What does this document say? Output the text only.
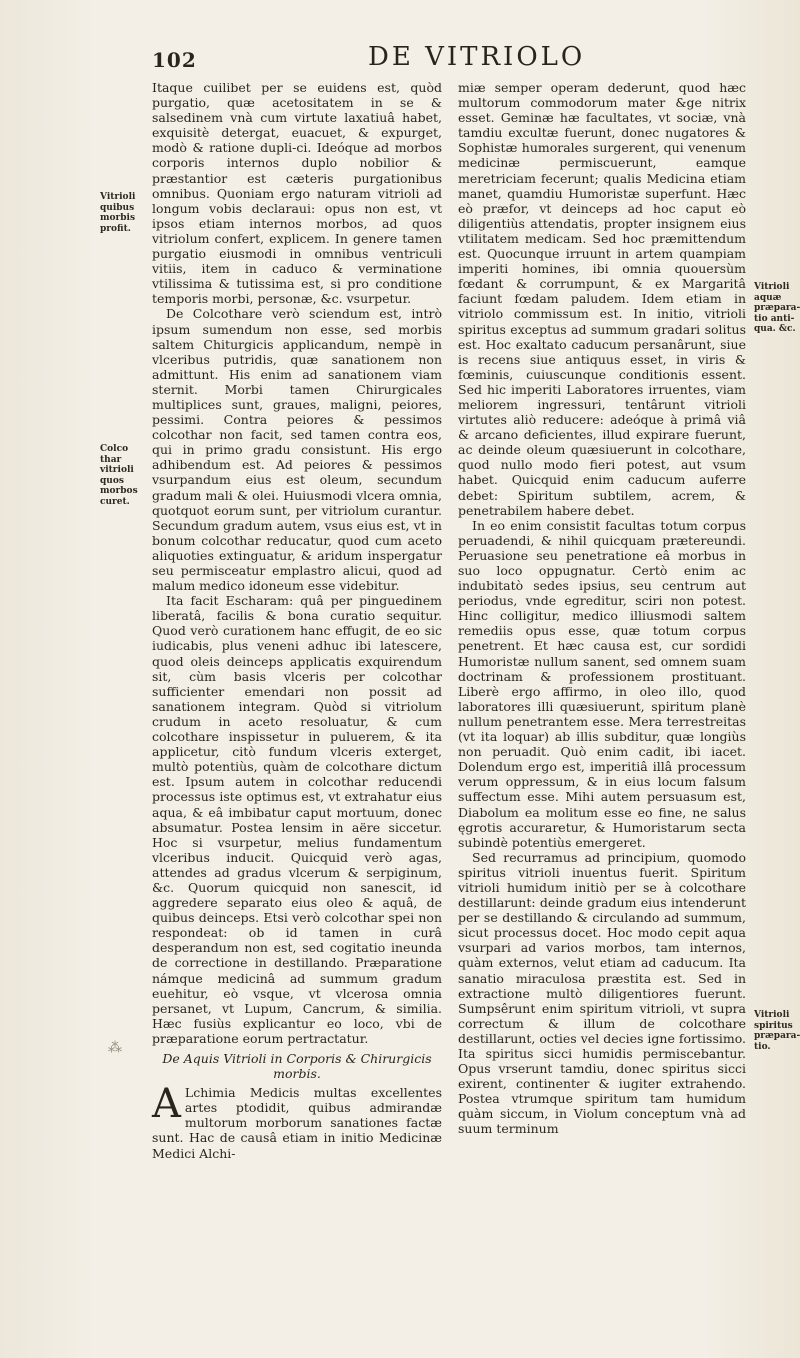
102	DE VITRIOLO
Vitrioli quibus morbis profit.
Colco thar vitrioli quos morbos curet.
Vitrioli aquæ præpara- tio anti- qua. &c.
Vitrioli spiritus præpara- tio.
⁂

Itaque cuilibet per se euidens est, quòd purgatio, quæ acetositatem in se & salsedinem vnà cum virtute laxatiuâ habet, exquisitè detergat, euacuet, & expurget, modò & ratione dupli-ci. Ideóque ad morbos corporis internos duplo nobilior & præstantior est cæteris purgationibus omnibus. Quoniam ergo naturam vitrioli ad longum vobis declaraui: opus non est, vt ipsos etiam internos morbos, ad quos vitriolum confert, explicem. In genere tamen purgatio eiusmodi in omnibus ventriculi vitiis, item in caduco & verminatione vtilissima & tutissima est, si pro conditione temporis morbi, personæ, &c. vsurpetur.

De Colcothare verò sciendum est, intrò ipsum sumendum non esse, sed morbis saltem Chiturgicis applicandum, nempè in vlceribus putridis, quæ sanationem non admittunt. His enim ad sanationem viam sternit. Morbi tamen Chirurgicales multiplices sunt, graues, maligni, peiores, pessimi. Contra peiores & pessimos colcothar non facit, sed tamen contra eos, qui in primo gradu consistunt. His ergo adhibendum est. Ad peiores & pessimos vsurpandum eius est oleum, secundum gradum mali & olei. Huiusmodi vlcera omnia, quotquot eorum sunt, per vitriolum curantur. Secundum gradum autem, vsus eius est, vt in bonum colcothar reducatur, quod cum aceto aliquoties extinguatur, & aridum inspergatur seu permisceatur emplastro alicui, quod ad malum medico idoneum esse videbitur.

Ita facit Escharam: quâ per pinguedinem liberatâ, facilis & bona curatio sequitur. Quod verò curationem hanc effugit, de eo sic iudicabis, plus veneni adhuc ibi latescere, quod oleis deinceps applicatis exquirendum sit, cùm basis vlceris per colcothar sufficienter emendari non possit ad sanationem integram. Quòd si vitriolum crudum in aceto resoluatur, & cum colcothare inspissetur in puluerem, & ita applicetur, citò fundum vlceris exterget, multò potentiùs, quàm de colcothare dictum est. Ipsum autem in colcothar reducendi processus iste optimus est, vt extrahatur eius aqua, & eâ imbibatur caput mortuum, donec absumatur. Postea lensim in aëre siccetur. Hoc si vsurpetur, melius fundamentum vlceribus inducit. Quicquid verò agas, attendes ad gradus vlcerum & serpiginum, &c. Quorum quicquid non sanescit, id aggredere separato eius oleo & aquâ, de quibus deinceps. Etsi verò colcothar spei non respondeat: ob id tamen in curâ desperandum non est, sed cogitatio ineunda de correctione in destillando. Præparatione námque medicinâ ad summum gradum euehitur, eò vsque, vt vlcerosa omnia persanet, vt Lupum, Cancrum, & similia. Hæc fusiùs explicantur eo loco, vbi de præparatione eorum pertractatur.

De Aquis Vitrioli in Corporis & Chirurgicis morbis.

A Lchimia Medicis multas excellentes artes ptodidit, quibus admirandæ multorum morborum sanationes factæ sunt. Hac de causâ etiam in initio Medicinæ Medici Alchi-

miæ semper operam dederunt, quod hæc multorum commodorum mater &ge nitrix esset. Geminæ hæ facultates, vt sociæ, vnà tamdiu excultæ fuerunt, donec nugatores & Sophistæ humorales surgerent, qui venenum medicinæ permiscuerunt, eamque meretriciam fecerunt; qualis Medicina etiam manet, quamdiu Humoristæ superfunt. Hæc eò præfor, vt deinceps ad hoc caput eò diligentiùs attendatis, propter insignem eius vtilitatem medicam. Sed hoc præmittendum est. Quocunque irruunt in artem quampiam imperiti homines, ibi omnia quouersùm fœdant & corrumpunt, & ex Margaritâ faciunt fœdam paludem. Idem etiam in vitriolo commissum est. In initio, vitrioli spiritus exceptus ad summum gradari solitus est. Hoc exaltato caducum persanârunt, siue is recens siue antiquus esset, in viris & fœminis, cuiuscunque conditionis essent. Sed hic imperiti Laboratores irruentes, viam meliorem ingressuri, tentârunt vitrioli virtutes aliò reducere: adeóque à primâ viâ & arcano deficientes, illud expirare fuerunt, ac deinde oleum quæsiuerunt in colcothare, quod nullo modo fieri potest, aut vsum habet. Quicquid enim caducum auferre debet: Spiritum subtilem, acrem, & penetrabilem habere debet.

In eo enim consistit facultas totum corpus peruadendi, & nihil quicquam prætereundi. Peruasione seu penetratione eâ morbus in suo loco oppugnatur. Certò enim ac indubitatò sedes ipsius, seu centrum aut periodus, vnde egreditur, sciri non potest. Hinc colligitur, medico illiusmodi saltem remediis opus esse, quæ totum corpus penetrent. Et hæc causa est, cur sordidi Humoristæ nullum sanent, sed omnem suam doctrinam & professionem prostituant. Liberè ergo affirmo, in oleo illo, quod laboratores illi quæsiuerunt, spiritum planè nullum penetrantem esse. Mera terrestreitas (vt ita loquar) ab illis subditur, quæ longiùs non peruadit. Quò enim cadit, ibi iacet. Dolendum ergo est, imperitiâ illâ processum verum oppressum, & in eius locum falsum suffectum esse. Mihi autem persuasum est, Diabolum ea molitum esse eo fine, ne salus ęgrotis accuraretur, & Humoristarum secta subindè potentiùs emergeret.

Sed recurramus ad principium, quomodo spiritus vitrioli inuentus fuerit. Spiritum vitrioli humidum initiò per se à colcothare destillarunt: deinde gradum eius intenderunt per se destillando & circulando ad summum, sicut processus docet. Hoc modo cepit aqua vsurpari ad varios morbos, tam internos, quàm externos, velut etiam ad caducum. Ita sanatio miraculosa præstita est. Sed in extractione multò diligentiores fuerunt. Sumpsêrunt enim spiritum vitrioli, vt supra correctum & illum de colcothare destillarunt, octies vel decies igne fortissimo. Ita spiritus sicci humidis permiscebantur. Opus vrserunt tamdiu, donec spiritus sicci exirent, continenter & iugiter extrahendo. Postea vtrumque spiritum tam humidum quàm siccum, in Violum conceptum vnà ad suum terminum
